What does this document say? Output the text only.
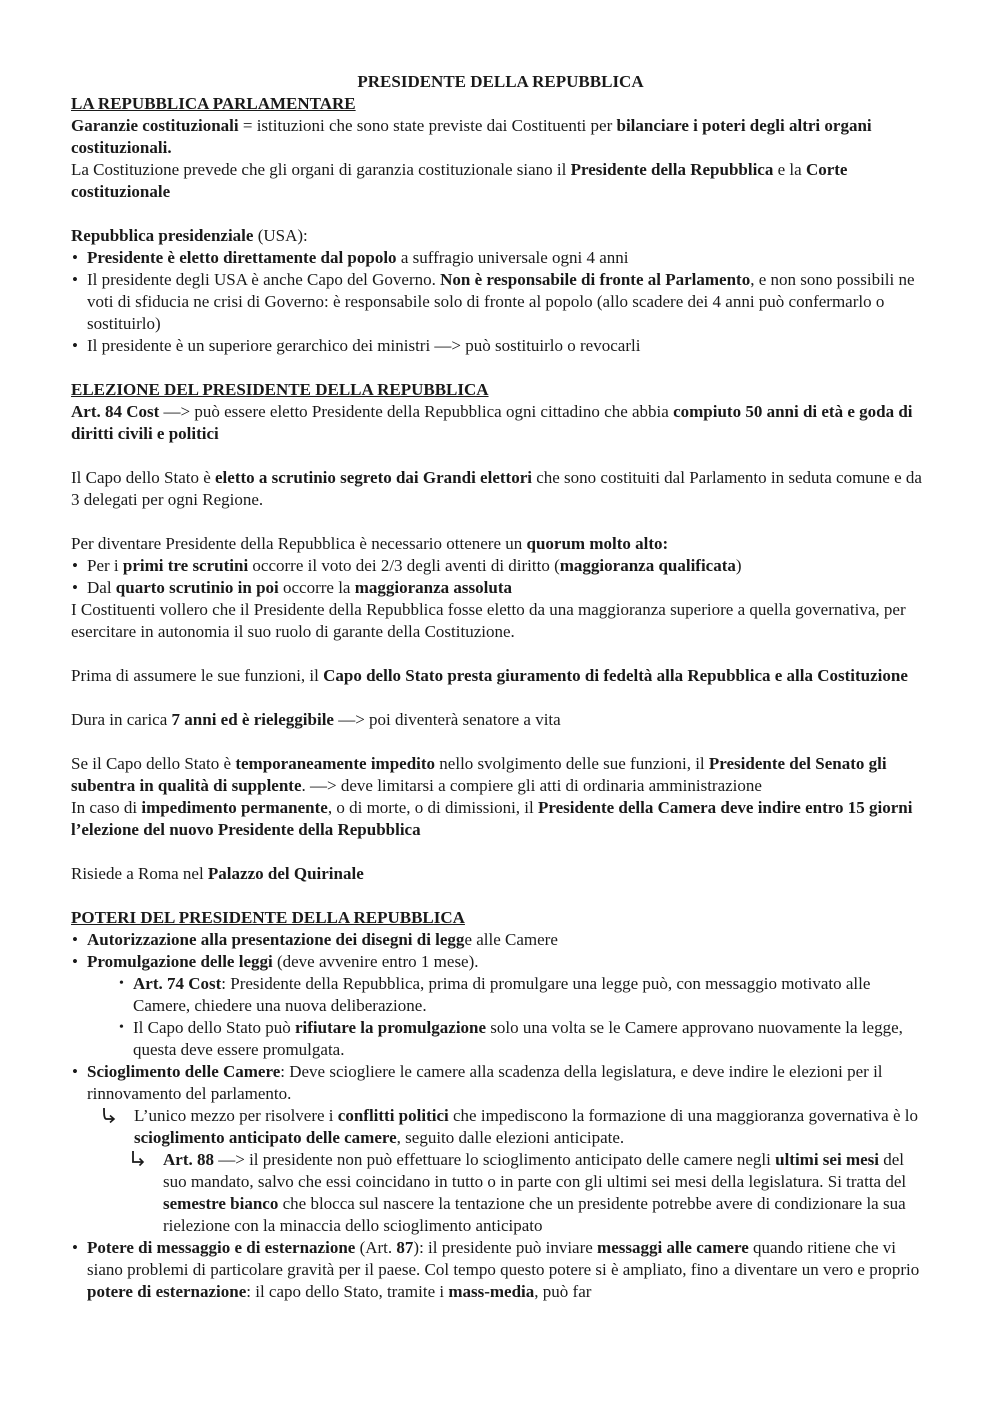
PRESIDENTE DELLA REPUBBLICA

LA REPUBBLICA PARLAMENTARE

Garanzie costituzionali = istituzioni che sono state previste dai Costituenti per bilanciare i poteri degli altri organi costituzionali.

La Costituzione prevede che gli organi di garanzia costituzionale siano il Presidente della Repubblica e la Corte costituzionale

Repubblica presidenziale (USA):

• Presidente è eletto direttamente dal popolo a suffragio universale ogni 4 anni
• Il presidente degli USA è anche Capo del Governo. Non è responsabile di fronte al Parlamento, e non sono possibili ne voti di sfiducia ne crisi di Governo: è responsabile solo di fronte al popolo (allo scadere dei 4 anni può confermarlo o sostituirlo)
• Il presidente è un superiore gerarchico dei ministri —> può sostituirlo o revocarli

ELEZIONE DEL PRESIDENTE DELLA REPUBBLICA

Art. 84 Cost —> può essere eletto Presidente della Repubblica ogni cittadino che abbia compiuto 50 anni di età e goda di diritti civili e politici

Il Capo dello Stato è eletto a scrutinio segreto dai Grandi elettori che sono costituiti dal Parlamento in seduta comune e da 3 delegati per ogni Regione.

Per diventare Presidente della Repubblica è necessario ottenere un quorum molto alto:

• Per i primi tre scrutini occorre il voto dei 2/3 degli aventi di diritto (maggioranza qualificata)
• Dal quarto scrutinio in poi occorre la maggioranza assoluta

I Costituenti vollero che il Presidente della Repubblica fosse eletto da una maggioranza superiore a quella governativa, per esercitare in autonomia il suo ruolo di garante della Costituzione.

Prima di assumere le sue funzioni, il Capo dello Stato presta giuramento di fedeltà alla Repubblica e alla Costituzione

Dura in carica 7 anni ed è rieleggibile —> poi diventerà senatore a vita

Se il Capo dello Stato è temporaneamente impedito nello svolgimento delle sue funzioni, il Presidente del Senato gli subentra in qualità di supplente. —> deve limitarsi a compiere gli atti di ordinaria amministrazione

In caso di impedimento permanente, o di morte, o di dimissioni, il Presidente della Camera deve indire entro 15 giorni l’elezione del nuovo Presidente della Repubblica

Risiede a Roma nel Palazzo del Quirinale

POTERI DEL PRESIDENTE DELLA REPUBBLICA

• Autorizzazione alla presentazione dei disegni di legge alle Camere
• Promulgazione delle leggi (deve avvenire entro 1 mese).
• Art. 74 Cost: Presidente della Repubblica, prima di promulgare una legge può, con messaggio motivato alle Camere, chiedere una nuova deliberazione.
• Il Capo dello Stato può rifiutare la promulgazione solo una volta se le Camere approvano nuovamente la legge, questa deve essere promulgata.
• Scioglimento delle Camere: Deve sciogliere le camere alla scadenza della legislatura, e deve indire le elezioni per il rinnovamento del parlamento.
L’unico mezzo per risolvere i conflitti politici che impediscono la formazione di una maggioranza governativa è lo scioglimento anticipato delle camere, seguito dalle elezioni anticipate.
Art. 88 —> il presidente non può effettuare lo scioglimento anticipato delle camere negli ultimi sei mesi del suo mandato, salvo che essi coincidano in tutto o in parte con gli ultimi sei mesi della legislatura. Si tratta del semestre bianco che blocca sul nascere la tentazione che un presidente potrebbe avere di condizionare la sua rielezione con la minaccia dello scioglimento anticipato
• Potere di messaggio e di esternazione (Art. 87): il presidente può inviare messaggi alle camere quando ritiene che vi siano problemi di particolare gravità per il paese. Col tempo questo potere si è ampliato, fino a diventare un vero e proprio potere di esternazione: il capo dello Stato, tramite i mass-media, può far
